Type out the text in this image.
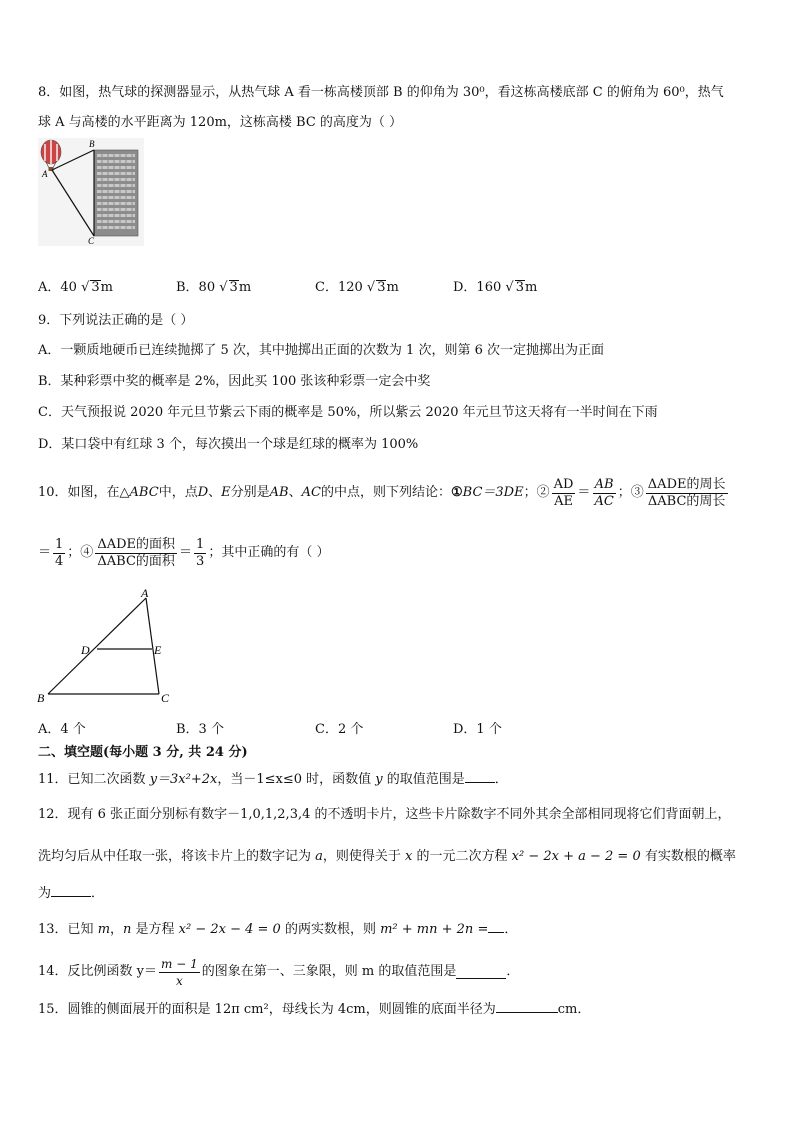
8．如图，热气球的探测器显示，从热气球 A 看一栋高楼顶部 B 的仰角为 30⁰，看这栋高楼底部 C 的俯角为 60⁰，热气
球 A 与高楼的水平距离为 120m，这栋高楼 BC 的高度为（ ）
A
B
C
A．40 √ 3m	B．80 √ 3m	C．120 √ 3m	D．160 √ 3m
9．下列说法正确的是（ ）
A．一颗质地硬币已连续抛掷了 5 次，其中抛掷出正面的次数为 1 次，则第 6 次一定抛掷出为正面
B．某种彩票中奖的概率是 2%，因此买 100 张该种彩票一定会中奖
C．天气预报说 2020 年元旦节紫云下雨的概率是 50%，所以紫云 2020 年元旦节这天将有一半时间在下雨
D．某口袋中有红球 3 个，每次摸出一个球是红球的概率为 100%
10．如图，在△ ABC 中，点 D 、 E 分别是 AB 、 AC 的中点，则下列结论： ① BC＝3DE ；② $\frac{AD}{AE} = \frac{AB}{AC}$ ；③ $\frac{\text{ΔADE的周长}}{\text{ΔABC的周长}}$
＝ $\frac{1}{4}$ ；④ $\frac{\text{ΔADE的面积}}{\text{ΔABC的面积}} = \frac{1}{3}$ ；其中正确的有（ ）
A
B	C
D	E
A．4 个	B．3 个	C．2 个	D．1 个
二、填空题(每小题 3 分, 共 24 分)
11．已知二次函数 y＝3x²+2x，当－1≤x≤0 时，函数值 y 的取值范围是 ．
12．现有 6 张正面分别标有数字－1,0,1,2,3,4 的不透明卡片，这些卡片除数字不同外其余全部相同现将它们背面朝上，
洗均匀后从中任取一张，将该卡片上的数字记为 a，则使得关于 x 的一元二次方程 x² − 2x + a − 2 = 0 有实数根的概率
为	．
13．已知 m，n 是方程 x² − 2x − 4 = 0 的两实数根，则 m² + mn + 2n = ．
14．反比例函数 $y= \frac{m - 1}{x}$ 的图象在第一、三象限，则 m 的取值范围是	．
15．圆锥的侧面展开的面积是 12π cm²，母线长为 4cm，则圆锥的底面半径为	cm．
